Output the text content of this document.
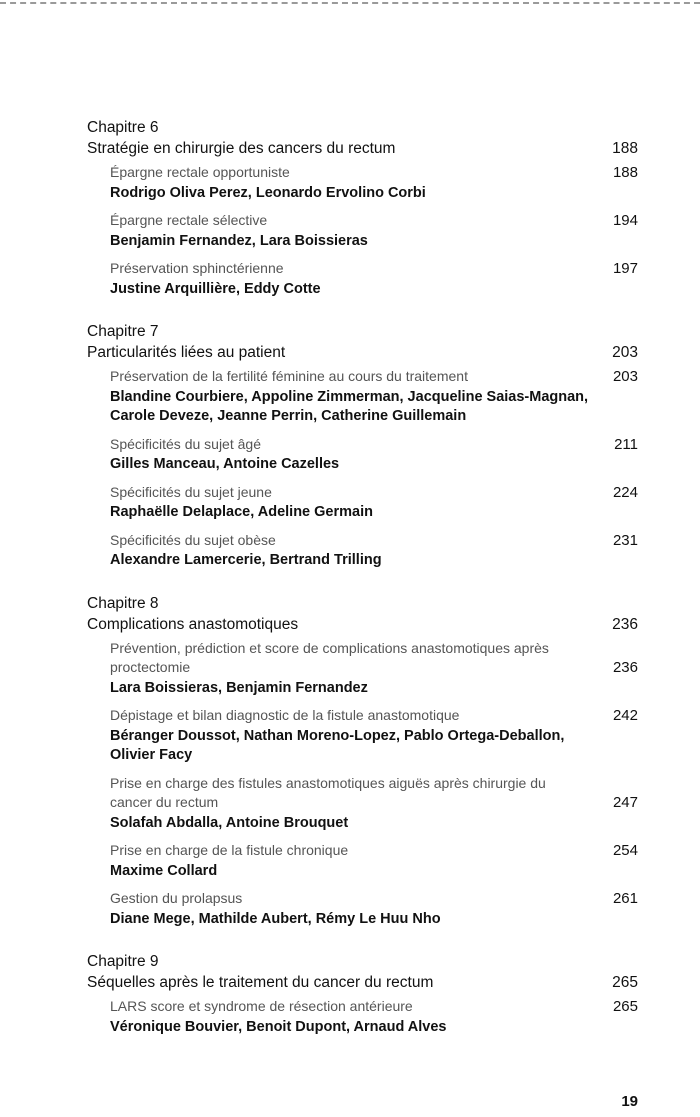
Chapitre 6
Stratégie en chirurgie des cancers du rectum	188
Épargne rectale opportuniste	188
Rodrigo Oliva Perez, Leonardo Ervolino Corbi
Épargne rectale sélective	194
Benjamin Fernandez, Lara Boissieras
Préservation sphinctérienne	197
Justine Arquillière, Eddy Cotte
Chapitre 7
Particularités liées au patient	203
Préservation de la fertilité féminine au cours du traitement	203
Blandine Courbiere, Appoline Zimmerman, Jacqueline Saias-Magnan, Carole Deveze, Jeanne Perrin, Catherine Guillemain
Spécificités du sujet âgé	211
Gilles Manceau, Antoine Cazelles
Spécificités du sujet jeune	224
Raphaëlle Delaplace, Adeline Germain
Spécificités du sujet obèse	231
Alexandre Lamercerie, Bertrand Trilling
Chapitre 8
Complications anastomotiques	236
Prévention, prédiction et score de complications anastomotiques après proctectomie	236
Lara Boissieras, Benjamin Fernandez
Dépistage et bilan diagnostic de la fistule anastomotique	242
Béranger Doussot, Nathan Moreno-Lopez, Pablo Ortega-Deballon, Olivier Facy
Prise en charge des fistules anastomotiques aiguës après chirurgie du cancer du rectum	247
Solafah Abdalla, Antoine Brouquet
Prise en charge de la fistule chronique	254
Maxime Collard
Gestion du prolapsus	261
Diane Mege, Mathilde Aubert, Rémy Le Huu Nho
Chapitre 9
Séquelles après le traitement du cancer du rectum	265
LARS score et syndrome de résection antérieure	265
Véronique Bouvier, Benoit Dupont, Arnaud Alves
19
